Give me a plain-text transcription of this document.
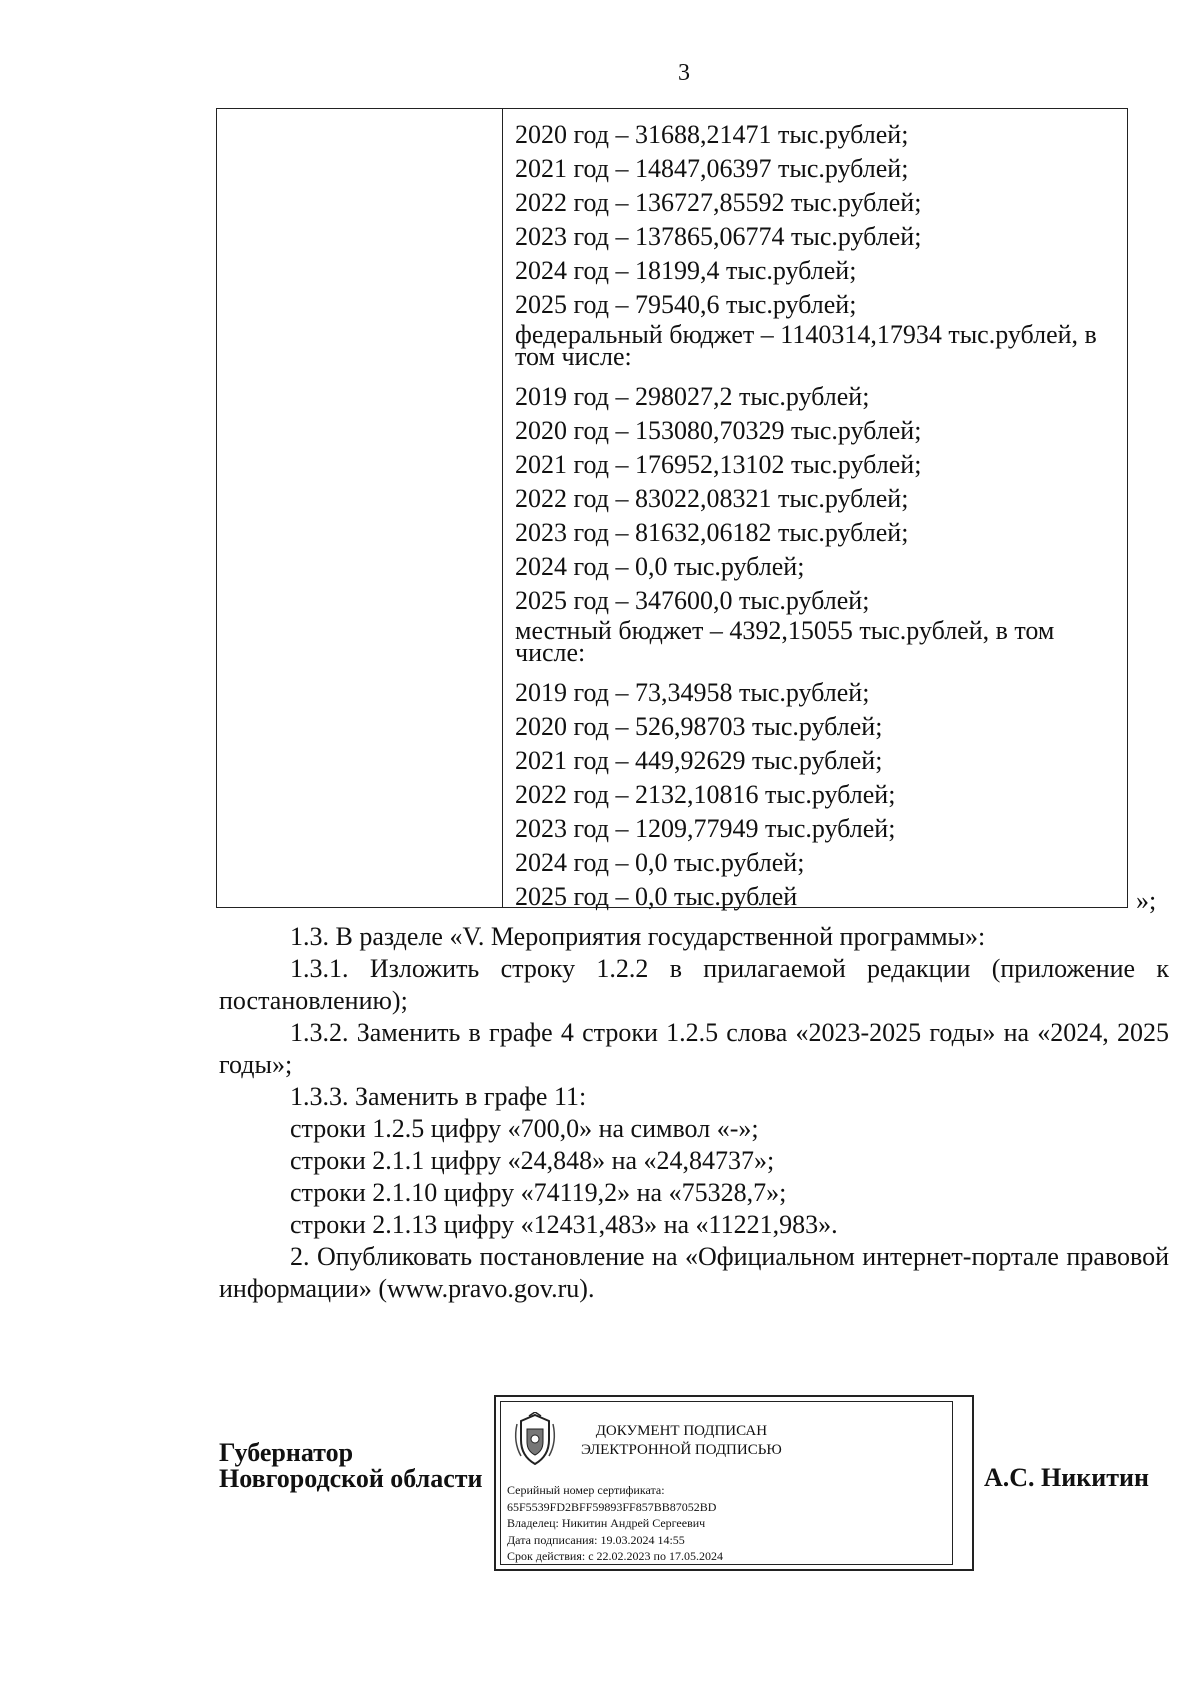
3
2020 год – 31688,21471 тыс.рублей;
2021 год – 14847,06397 тыс.рублей;
2022 год – 136727,85592 тыс.рублей;
2023 год – 137865,06774 тыс.рублей;
2024 год – 18199,4 тыс.рублей;
2025 год – 79540,6 тыс.рублей;
федеральный бюджет – 1140314,17934 тыс.рублей, в том числе:
2019 год – 298027,2 тыс.рублей;
2020 год – 153080,70329 тыс.рублей;
2021 год – 176952,13102 тыс.рублей;
2022 год – 83022,08321 тыс.рублей;
2023 год – 81632,06182 тыс.рублей;
2024 год – 0,0 тыс.рублей;
2025 год – 347600,0 тыс.рублей;
местный бюджет – 4392,15055 тыс.рублей, в том числе:
2019 год – 73,34958 тыс.рублей;
2020 год – 526,98703 тыс.рублей;
2021 год – 449,92629 тыс.рублей;
2022 год – 2132,10816 тыс.рублей;
2023 год – 1209,77949 тыс.рублей;
2024 год – 0,0 тыс.рублей;
2025 год – 0,0 тыс.рублей	»;

1.3. В разделе «V. Мероприятия государственной программы»:

1.3.1. Изложить строку 1.2.2 в прилагаемой редакции (приложение к постановлению);

1.3.2. Заменить в графе 4 строки 1.2.5 слова «2023-2025 годы» на «2024, 2025 годы»;

1.3.3. Заменить в графе 11:

строки 1.2.5 цифру «700,0» на символ «-»;

строки 2.1.1 цифру «24,848» на «24,84737»;

строки 2.1.10 цифру «74119,2» на «75328,7»;

строки 2.1.13 цифру «12431,483» на «11221,983».

2. Опубликовать постановление на «Официальном интернет-портале правовой информации» (www.pravo.gov.ru).

Губернатор
Новгородской области
ДОКУМЕНТ ПОДПИСАН
ЭЛЕКТРОННОЙ ПОДПИСЬЮ
Серийный номер сертификата:
65F5539FD2BFF59893FF857BB87052BD
Владелец: Никитин Андрей Сергеевич
Дата подписания: 19.03.2024 14:55
Срок действия: с 22.02.2023 по 17.05.2024
А.С. Никитин
